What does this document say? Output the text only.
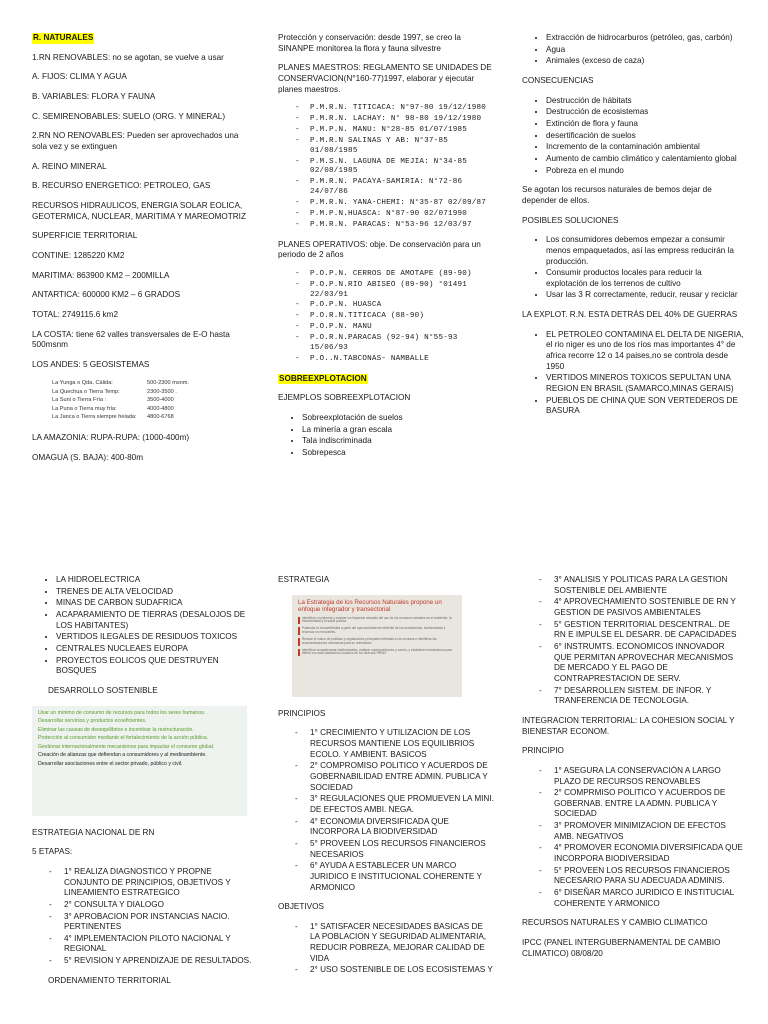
R. NATURALES

1.RN RENOVABLES: no se agotan, se vuelve a usar

A. FIJOS: CLIMA Y AGUA

B. VARIABLES: FLORA Y FAUNA

C. SEMIRENOBABLES: SUELO (ORG. Y MINERAL)

2.RN NO RENOVABLES: Pueden ser aprovechados una sola vez y se extinguen

A. REINO MINERAL

B. RECURSO ENERGETICO: PETROLEO, GAS

RECURSOS HIDRAULICOS, ENERGIA SOLAR EOLICA, GEOTERMICA, NUCLEAR, MARITIMA Y MAREOMOTRIZ

SUPERFICIE TERRITORIAL

CONTINE: 1285220 KM2

MARITIMA: 863900 KM2 – 200MILLA

ANTARTICA: 600000 KM2 – 6 GRADOS

TOTAL: 2749115.6 km2

LA COSTA: tiene 62 valles transversales de E-O hasta 500msnm

LOS ANDES: 5 GEOSISTEMAS

La Yunga o Qda. Cálida:	500-2300 msnm.
La Quechua o Tierra Temp:	2300-3500 .
La Suni o Tierra Fría :	3500-4000
La Puna o Tierra muy fría:	4000-4800
La Janca o Tierra siempre helada:	4800-6768

LA AMAZONIA: RUPA-RUPA: (1000-400m)

OMAGUA (S. BAJA): 400-80m

Protección y conservación: desde 1997, se creo la SINANPE monitorea la flora y fauna silvestre

PLANES MAESTROS: REGLAMENTO SE UNIDADES DE CONSERVACION(N°160-77)1997, elaborar y ejecutar planes maestros.

- P.M.R.N. TITICACA: N°97-80 19/12/1980
- P.M.R.N. LACHAY: N° 98-80 19/12/1980
- P.M.P.N. MANU: N°28-85 01/07/1985
- P.M.R.N SALINAS Y AB: N°37-85 01/08/1985
- P.M.S.N. LAGUNA DE MEJIA: N°34-85 02/08/1985
- P.M.R.N. PACAYA-SAMIRIA: N°72-86 24/07/86
- P.M.R.N. YANA-CHEMI: N°35-87 02/09/87
- P.M.P.N.HUASCA: N°87-90 02/071990
- P.M.R.N. PARACAS: N°53-96 12/03/97

PLANES OPERATIVOS: obje. De conservación para un periodo de 2 años

- P.O.P.N. CERROS DE AMOTAPE (89-90)
- P.O.P.N.RIO ABISEO (89-90) °01491 22/03/91
- P.O.P.N. HUASCA
- P.O.R.N.TITICACA (88-90)
- P.O.P.N. MANU
- P.O.R.N.PARACAS (92-94) N°55-93 15/06/93
- P.O..N.TABCONAS- NAMBALLE

SOBREEXPLOTACION

EJEMPLOS SOBREEXPLOTACION

• Sobreexplotación de suelos
• La minería a gran escala
• Tala indiscriminada
• Sobrepesca
• Extracción de hidrocarburos (petróleo, gas, carbón)
• Agua
• Animales (exceso de caza)

CONSECUENCIAS

• Destrucción de hábitats
• Destrucción de ecosistemas
• Extinción de flora y fauna
• desertificación de suelos
• Incremento de la contaminación ambiental
• Aumento de cambio climático y calentamiento global
• Pobreza en el mundo

Se agotan los recursos naturales de bemos dejar de depender de ellos.

POSIBLES SOLUCIONES

• Los consumidores debemos empezar a consumir menos empaquetados, así las empress reducirán la producción.
• Consumir productos locales para reducir la explotación de los terrenos de cultivo
• Usar las 3 R correctamente, reducir, reusar y reciclar

LA EXPLOT. R.N. ESTA DETRÁS DEL 40% DE GUERRAS

• EL PETROLEO CONTAMINA EL DELTA DE NIGERIA, el rio niger es uno de los ríos mas importantes 4° de africa recorre 12 o 14 paises,no se controla desde 1950
• VERTIDOS MINEROS TOXICOS SEPULTAN UNA REGION EN BRASIL (SAMARCO,MINAS GERAIS)
• PUEBLOS DE CHINA QUE SON VERTEDEROS DE BASURA
• LA HIDROELECTRICA
• TRENES DE ALTA VELOCIDAD
• MINAS DE CARBON SUDAFRICA
• ACAPARAMIENTO DE TIERRAS (DESALOJOS DE LOS HABITANTES)
• VERTIDOS ILEGALES DE RESIDUOS TOXICOS
• CENTRALES NUCLEAES EUROPA
• PROYECTOS EOLICOS QUE DESTRUYEN BOSQUES

DESARROLLO SOSTENIBLE

Usar un mínimo de consumo de recursos para todos los seres humanos.
Desarrollar servicios y productos ecoeficientes.
Eliminar las causas de desequilibrios e incentivar la restructuración.
Protección al consumidor mediante el fortalecimiento de la acción pública.
Gestionar internacionalmente mecanismos para impactar el consumo global.
Creación de alianzas que defiendan a consumidores y al medioambiente.
Desarrollar asociaciones entre el sector privado, público y civil.

ESTRATEGIA NACIONAL DE RN

5 ETAPAS:

- 1° REALIZA DIAGNOSTICO Y PROPNE CONJUNTO DE PRINCIPIOS, OBJETIVOS Y LINEAMIENTO ESTRATEGICO
- 2° CONSULTA Y DIALOGO
- 3° APROBACION POR INSTANCIAS NACIO. PERTINENTES
- 4° IMPLEMENTACION PILOTO NACIONAL Y REGIONAL
- 5° REVISION Y APRENDIZAJE DE RESULTADOS.

ORDENAMIENTO TERRITORIAL

ESTRATEGIA

La Estrategia de los Recursos Naturales propone un enfoque integrador y transectorial
Identificar, monitorear y evaluar los impactos actuales del uso de los recursos naturales en el ambiente, la biodiversidad y la salud pública.
Potenciar la competitividad a partir del aprovechamiento eficiente de los ecosistemas, biodiversidad y recursos no renovables.
Revisar el marco de políticas y regulaciones principales referidas a los recursos e identificar las recomendaciones necesarias para su orientación.
Identificar competencias institucionales, analizar superposiciones y vacíos, y establecer mecanismos para definir con más claridad los usuarios de los diversos RRNN.

PRINCIPIOS

- 1° CRECIMIENTO Y UTILIZACION DE LOS RECURSOS MANTIENE LOS EQUILIBRIOS ECOLO. Y AMBIENT. BASICOS
- 2° COMPROMISO POLITICO Y ACUERDOS DE GOBERNABILIDAD ENTRE ADMIN. PUBLICA Y SOCIEDAD
- 3° REGULACIONES QUE PROMUEVEN LA MINI. DE EFECTOS AMBI. NEGA.
- 4° ECONOMIA DIVERSIFICADA QUE INCORPORA LA BIODIVERSIDAD
- 5° PROVEEN LOS RECURSOS FINANCIEROS NECESARIOS
- 6° AYUDA A ESTABLECER UN MARCO JURIDICO E INSTITUCIONAL COHERENTE Y ARMONICO

OBJETIVOS

- 1° SATISFACER NECESIDADES BASICAS DE LA POBLACION Y SEGURIDAD ALIMENTARIA, REDUCIR POBREZA, MEJORAR CALIDAD DE VIDA
- 2° USO SOSTENIBLE DE LOS ECOSISTEMAS Y
- 3° ANALISIS Y POLITICAS PARA LA GESTION SOSTENIBLE DEL AMBIENTE
- 4° APROVECHAMIENTO SOSTENIBLE DE RN Y GESTION DE PASIVOS AMBIENTALES
- 5° GESTION TERRITORIAL DESCENTRAL. DE RN E IMPULSE EL DESARR. DE CAPACIDADES
- 6° INSTRUMTS. ECONOMICOS INNOVADOR QUE PERMITAN APROVECHAR MECANISMOS DE MERCADO Y EL PAGO DE CONTRAPRESTACION DE SERV.
- 7° DESARROLLEN SISTEM. DE INFOR. Y TRANFERENCIA DE TECNOLOGIA.

INTEGRACION TERRITORIAL: LA COHESION SOCIAL Y BIENESTAR ECONOM.

PRINCIPIO

- 1° ASEGURA LA CONSERVACIÓN A LARGO PLAZO DE RECURSOS RENOVABLES
- 2° COMPRMISO POLITICO Y ACUERDOS DE GOBERNAB. ENTRE LA ADMN. PUBLICA Y SOCIEDAD
- 3° PROMOVER MINIMIZACION DE EFECTOS AMB. NEGATIVOS
- 4° PROMOVER ECONOMIA DIVERSIFICADA QUE INCORPORA BIODIVERSIDAD
- 5° PROVEEN LOS RECURSOS FINANCIEROS NECESARIO PARA SU ADECUADA ADMINIS.
- 6° DISEÑAR MARCO JURIDICO E INSTITUCIAL COHERENTE Y ARMONICO

RECURSOS NATURALES Y CAMBIO CLIMATICO

IPCC (PANEL INTERGUBERNAMENTAL DE CAMBIO CLIMATICO) 08/08/20
